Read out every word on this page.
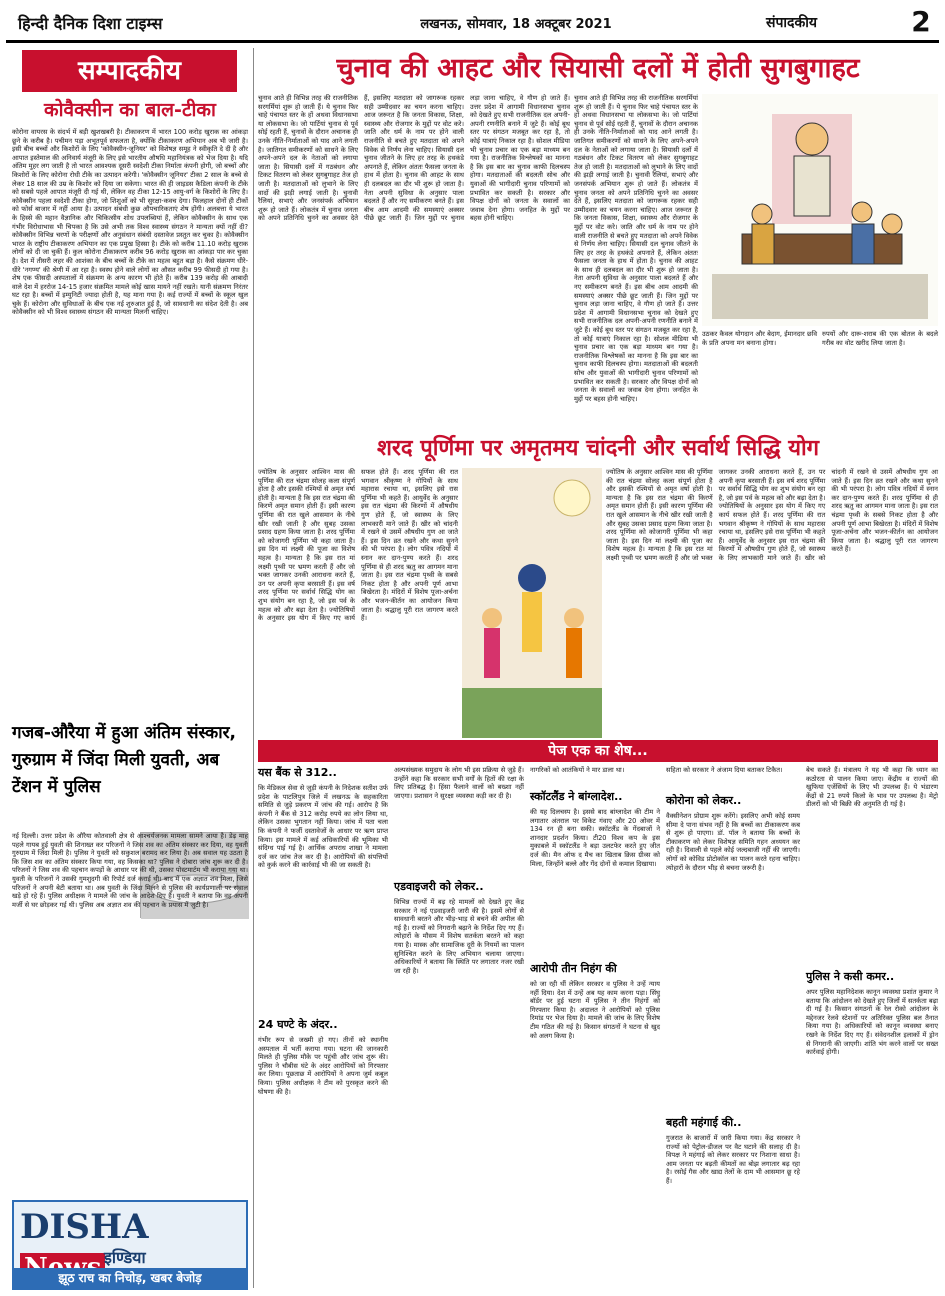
हिन्दी दैनिक दिशा टाइम्स	लखनऊ, सोमवार, 18 अक्टूबर 2021	संपादकीय	2
सम्पादकीय
कोवैक्सीन का बाल-टीका
कोरोना वायरस के संदर्भ में बड़ी खुशखबरी है। टीकाकरण में भारत 100 करोड़ खुराक का आंकड़ा छूने के करीब है। पचीमन पड़ा अभूतपूर्व सफलता है, क्योंकि टीकाकरण अभियान अब भी जारी है। इसी बीच बच्चों और किशोरों के लिए 'कोवैक्सीन-जूनियर' को विशेषज्ञ समूह ने स्वीकृति दे दी है और आपात इस्तेमाल की अनिवार्य मंजूरी के लिए इसे भारतीय औषधि महानियंत्रक को भेज दिया है। यदि अंतिम मुहर लग जाती है तो भारत आवश्यक दूसरी स्वदेशी टीका निर्माता कंपनी होगी, जो बच्चों और किशोरों के लिए कोरोना रोधी टीके का उत्पादन करेगी। 'कोवैक्सीन जूनियर' टीका 2 साल के बच्चे से लेकर 18 साल की उम्र के किशोर को दिया जा सकेगा। भारत की ही जाइडस कैडिला कंपनी के टीके को सबसे पहले आपात मंजूरी दी गई थी, लेकिन वह टीका 12-15 आयु-वर्ग के किशोरों के लिए है। कोवैक्सीन पहला स्वदेशी टीका होगा, जो शिशुओं को भी सुरक्षा-कवच देगा। फिलहाल दोनों ही टीकों को फोर्स बाजार में नहीं आया है। उत्पादन संबंधी कुछ औपचारिकताएं शेष होंगी। अलबत्ता ये भारत के हिस्से की महान वैज्ञानिक और चिकित्सीय शोध उपलब्धियां हैं, लेकिन कोवैक्सीन के साथ एक गंभीर विरोधाभास भी चिपका है कि उसे अभी तक विश्व स्वास्थ्य संगठन ने मान्यता क्यों नहीं दी? कोवैक्सीन विभिन्न चरणों के परीक्षणों और अनुसंधान संबंधी दस्तावेज प्रस्तुत कर चुका है। कोवैक्सीन भारत के राष्ट्रीय टीकाकरण अभियान का एक प्रमुख हिस्सा है। टीके को करीब 11.10 करोड़ खुराक लोगों को दी जा चुकी हैं। कुल कोरोना टीकाकरण करीब 96 करोड़ खुराक का आंकड़ा पार कर चुका है। देश में तीसरी लहर की आशंका के बीच बच्चों के टीके का महत्व बहुत बड़ा है। कैसे संक्रमण धीरे-धीरे 'नगण्य' की श्रेणी में आ रहा है। स्वस्थ होने वाले लोगों का औसत करीब 99 फीसदी हो गया है। शेष एक फीसदी अस्पतालों में संक्रमण के अन्य कारण भी होते हैं। करीब 139 करोड़ की आबादी वाले देश में हररोज 14-15 हजार संक्रमित मामले कोई खास मायने नहीं रखते। यानी संक्रमण निरंतर घट रहा है। बच्चों में इम्युनिटी ज्यादा होती है, यह माना गया है। कई राज्यों में बच्चों के स्कूल खुल चुके हैं। कोरोना और सुविधाओं के बीच एक नई शुरुआत हुई है, जो सावधानी का संदेश देती है। अब कोवैक्सीन को भी विश्व स्वास्थ्य संगठन की मान्यता मिलनी चाहिए।
चुनाव की आहट और सियासी दलों में होती सुगबुगाहट
चुनाव आते ही विभिन्न तरह की राजनीतिक सरगर्मियां शुरू हो जाती हैं। ये चुनाव फिर चाहे पंचायत स्तर के हों अथवा विधानसभा या लोकसभा के। जो पार्टियां चुनाव से पूर्व सोई रहती हैं, चुनावों के दौरान अचानक ही उनके नीति-निर्माताओं को याद आने लगती है। जातिगत समीकरणों को साधने के लिए अपने-अपने दल के नेताओं को लगाया जाता है। सियासी दलों में गठबंधन और टिकट वितरण को लेकर सुगबुगाहट तेज हो जाती है। मतदाताओं को लुभाने के लिए वादों की झड़ी लगाई जाती है। चुनावी रैलियां, सभाएं और जनसंपर्क अभियान शुरू हो जाते हैं। लोकतंत्र में चुनाव जनता को अपने प्रतिनिधि चुनने का अवसर देते हैं, इसलिए मतदाता को जागरूक रहकर सही उम्मीदवार का चयन करना चाहिए। आज जरूरत है कि जनता विकास, शिक्षा, स्वास्थ्य और रोजगार के मुद्दों पर वोट करे। जाति और धर्म के नाम पर होने वाली राजनीति से बचते हुए मतदाता को अपने विवेक से निर्णय लेना चाहिए। सियासी दल चुनाव जीतने के लिए हर तरह के हथकंडे अपनाते हैं, लेकिन अंततः फैसला जनता के हाथ में होता है। चुनाव की आहट के साथ ही दलबदल का दौर भी शुरू हो जाता है। नेता अपनी सुविधा के अनुसार पाला बदलते हैं और नए समीकरण बनते हैं। इस बीच आम आदमी की समस्याएं अक्सर पीछे छूट जाती हैं। जिन मुद्दों पर चुनाव लड़ा जाना चाहिए, वे गौण हो जाते हैं। उत्तर प्रदेश में आगामी विधानसभा चुनाव को देखते हुए सभी राजनीतिक दल अपनी-अपनी रणनीति बनाने में जुटे हैं। कोई बूथ स्तर पर संगठन मजबूत कर रहा है, तो कोई यात्राएं निकाल रहा है। सोशल मीडिया भी चुनाव प्रचार का एक बड़ा माध्यम बन गया है। राजनीतिक विश्लेषकों का मानना है कि इस बार का चुनाव काफी दिलचस्प होगा। मतदाताओं की बदलती सोच और युवाओं की भागीदारी चुनाव परिणामों को प्रभावित कर सकती है। सरकार और विपक्ष दोनों को जनता के सवालों का जवाब देना होगा। जनहित के मुद्दों पर बहस होनी चाहिए।
चुनाव आते ही विभिन्न तरह की राजनीतिक सरगर्मियां शुरू हो जाती हैं। ये चुनाव फिर चाहे पंचायत स्तर के हों अथवा विधानसभा या लोकसभा के। जो पार्टियां चुनाव से पूर्व सोई रहती हैं, चुनावों के दौरान अचानक ही उनके नीति-निर्माताओं को याद आने लगती है। जातिगत समीकरणों को साधने के लिए अपने-अपने दल के नेताओं को लगाया जाता है। सियासी दलों में गठबंधन और टिकट वितरण को लेकर सुगबुगाहट तेज हो जाती है। मतदाताओं को लुभाने के लिए वादों की झड़ी लगाई जाती है। चुनावी रैलियां, सभाएं और जनसंपर्क अभियान शुरू हो जाते हैं। लोकतंत्र में चुनाव जनता को अपने प्रतिनिधि चुनने का अवसर देते हैं, इसलिए मतदाता को जागरूक रहकर सही उम्मीदवार का चयन करना चाहिए। आज जरूरत है कि जनता विकास, शिक्षा, स्वास्थ्य और रोजगार के मुद्दों पर वोट करे। जाति और धर्म के नाम पर होने वाली राजनीति से बचते हुए मतदाता को अपने विवेक से निर्णय लेना चाहिए। सियासी दल चुनाव जीतने के लिए हर तरह के हथकंडे अपनाते हैं, लेकिन अंततः फैसला जनता के हाथ में होता है। चुनाव की आहट के साथ ही दलबदल का दौर भी शुरू हो जाता है। नेता अपनी सुविधा के अनुसार पाला बदलते हैं और नए समीकरण बनते हैं। इस बीच आम आदमी की समस्याएं अक्सर पीछे छूट जाती हैं। जिन मुद्दों पर चुनाव लड़ा जाना चाहिए, वे गौण हो जाते हैं। उत्तर प्रदेश में आगामी विधानसभा चुनाव को देखते हुए सभी राजनीतिक दल अपनी-अपनी रणनीति बनाने में जुटे हैं। कोई बूथ स्तर पर संगठन मजबूत कर रहा है, तो कोई यात्राएं निकाल रहा है। सोशल मीडिया भी चुनाव प्रचार का एक बड़ा माध्यम बन गया है। राजनीतिक विश्लेषकों का मानना है कि इस बार का चुनाव काफी दिलचस्प होगा। मतदाताओं की बदलती सोच और युवाओं की भागीदारी चुनाव परिणामों को प्रभावित कर सकती है। सरकार और विपक्ष दोनों को जनता के सवालों का जवाब देना होगा। जनहित के मुद्दों पर बहस होनी चाहिए।
उठकर कैवल योगदान और बेदाग, ईमानदार छवि के प्रति अपना मन बनाना होगा।
रुपयों और दारू-शराब की एक बोतल के बदले गरीब का वोट खरीद लिया जाता है।
शरद पूर्णिमा पर अमृतमय चांदनी और सर्वार्थ सिद्धि योग
ज्योतिष के अनुसार आश्विन मास की पूर्णिमा की रात चंद्रमा सोलह कला संपूर्ण होता है और इसकी रश्मियों से अमृत वर्षा होती है। मान्यता है कि इस रात चंद्रमा की किरणें अमृत समान होती हैं। इसी कारण पूर्णिमा की रात खुले आसमान के नीचे खीर रखी जाती है और सुबह उसका प्रसाद ग्रहण किया जाता है। शरद पूर्णिमा को कोजागरी पूर्णिमा भी कहा जाता है। इस दिन मां लक्ष्मी की पूजा का विशेष महत्व है। मान्यता है कि इस रात मां लक्ष्मी पृथ्वी पर भ्रमण करती हैं और जो भक्त जागकर उनकी आराधना करते हैं, उन पर अपनी कृपा बरसाती हैं। इस वर्ष शरद पूर्णिमा पर सर्वार्थ सिद्धि योग का शुभ संयोग बन रहा है, जो इस पर्व के महत्व को और बढ़ा देता है। ज्योतिषियों के अनुसार इस योग में किए गए कार्य सफल होते हैं। शरद पूर्णिमा की रात भगवान श्रीकृष्ण ने गोपियों के साथ महारास रचाया था, इसलिए इसे रास पूर्णिमा भी कहते हैं। आयुर्वेद के अनुसार इस रात चंद्रमा की किरणों में औषधीय गुण होते हैं, जो स्वास्थ्य के लिए लाभकारी माने जाते हैं। खीर को चांदनी में रखने से उसमें औषधीय गुण आ जाते हैं। इस दिन व्रत रखने और कथा सुनने की भी परंपरा है। लोग पवित्र नदियों में स्नान कर दान-पुण्य करते हैं। शरद पूर्णिमा से ही शरद ऋतु का आगमन माना जाता है। इस रात चंद्रमा पृथ्वी के सबसे निकट होता है और अपनी पूर्ण आभा बिखेरता है। मंदिरों में विशेष पूजा-अर्चना और भजन-कीर्तन का आयोजन किया जाता है। श्रद्धालु पूरी रात जागरण करते हैं।
ज्योतिष के अनुसार आश्विन मास की पूर्णिमा की रात चंद्रमा सोलह कला संपूर्ण होता है और इसकी रश्मियों से अमृत वर्षा होती है। मान्यता है कि इस रात चंद्रमा की किरणें अमृत समान होती हैं। इसी कारण पूर्णिमा की रात खुले आसमान के नीचे खीर रखी जाती है और सुबह उसका प्रसाद ग्रहण किया जाता है। शरद पूर्णिमा को कोजागरी पूर्णिमा भी कहा जाता है। इस दिन मां लक्ष्मी की पूजा का विशेष महत्व है। मान्यता है कि इस रात मां लक्ष्मी पृथ्वी पर भ्रमण करती हैं और जो भक्त जागकर उनकी आराधना करते हैं, उन पर अपनी कृपा बरसाती हैं। इस वर्ष शरद पूर्णिमा पर सर्वार्थ सिद्धि योग का शुभ संयोग बन रहा है, जो इस पर्व के महत्व को और बढ़ा देता है। ज्योतिषियों के अनुसार इस योग में किए गए कार्य सफल होते हैं। शरद पूर्णिमा की रात भगवान श्रीकृष्ण ने गोपियों के साथ महारास रचाया था, इसलिए इसे रास पूर्णिमा भी कहते हैं। आयुर्वेद के अनुसार इस रात चंद्रमा की किरणों में औषधीय गुण होते हैं, जो स्वास्थ्य के लिए लाभकारी माने जाते हैं। खीर को चांदनी में रखने से उसमें औषधीय गुण आ जाते हैं। इस दिन व्रत रखने और कथा सुनने की भी परंपरा है। लोग पवित्र नदियों में स्नान कर दान-पुण्य करते हैं। शरद पूर्णिमा से ही शरद ऋतु का आगमन माना जाता है। इस रात चंद्रमा पृथ्वी के सबसे निकट होता है और अपनी पूर्ण आभा बिखेरता है। मंदिरों में विशेष पूजा-अर्चना और भजन-कीर्तन का आयोजन किया जाता है। श्रद्धालु पूरी रात जागरण करते हैं।
गजब-औरैया में हुआ अंतिम संस्कार, गुरुग्राम में जिंदा मिली युवती, अब टेंशन में पुलिस
नई दिल्ली। उत्तर प्रदेश के औरैया कोतवाली क्षेत्र से आश्चर्यजनक मामला सामने आया है। डेढ़ माह पहले गायब हुई युवती की शिनाख्त कर परिजनों ने जिस शव का अंतिम संस्कार कर दिया, वह युवती गुरुग्राम में जिंदा मिली है। पुलिस ने युवती को सकुशल बरामद कर लिया है। अब सवाल यह उठता है कि जिस शव का अंतिम संस्कार किया गया, वह किसका था? पुलिस ने दोबारा जांच शुरू कर दी है। परिजनों ने जिस शव की पहचान कपड़ों के आधार पर की थी, उसका पोस्टमार्टम भी कराया गया था। युवती के परिजनों ने उसकी गुमशुदगी की रिपोर्ट दर्ज कराई थी। बाद में एक अज्ञात शव मिला, जिसे परिजनों ने अपनी बेटी बताया था। अब युवती के जिंदा मिलने से पुलिस की कार्यप्रणाली पर सवाल खड़े हो रहे हैं। पुलिस अधीक्षक ने मामले की जांच के आदेश दिए हैं। युवती ने बताया कि वह अपनी मर्जी से घर छोड़कर गई थी। पुलिस अब अज्ञात शव की पहचान के प्रयास में जुटी है।
DISHA
इण्डिया
झूठ राच का निचोड़, खबर बेजोड़
पेज एक का शेष...
यस बैंक से 312..
कि मेडिकल सेवा से जुड़ी कंपनी के निदेशक सतीश उर्फ प्रदेश के पाटलिपुत्र जिले में लखनऊ के सहकारिता समिति से जुड़े प्रकरण में जांच की गई। आरोप है कि कंपनी ने बैंक से 312 करोड़ रुपये का लोन लिया था, लेकिन उसका भुगतान नहीं किया। जांच में पता चला कि कंपनी ने फर्जी दस्तावेजों के आधार पर ऋण प्राप्त किया। इस मामले में कई अधिकारियों की भूमिका भी संदिग्ध पाई गई है। आर्थिक अपराध शाखा ने मामला दर्ज कर जांच तेज कर दी है। आरोपियों की संपत्तियों को कुर्क करने की कार्रवाई भी की जा सकती है।
24 घण्टे के अंदर..
गंभीर रूप से जख्मी हो गए। तीनों को स्थानीय अस्पताल में भर्ती कराया गया। घटना की जानकारी मिलते ही पुलिस मौके पर पहुंची और जांच शुरू की। पुलिस ने चौबीस घंटे के अंदर आरोपियों को गिरफ्तार कर लिया। पूछताछ में आरोपियों ने अपना जुर्म कबूल किया। पुलिस अधीक्षक ने टीम को पुरस्कृत करने की घोषणा की है।
अल्पसंख्यक समुदाय के लोग भी इस प्रक्रिया से जुड़े हैं। उन्होंने कहा कि सरकार सभी वर्गों के हितों की रक्षा के लिए प्रतिबद्ध है। हिंसा फैलाने वालों को बख्शा नहीं जाएगा। प्रशासन ने सुरक्षा व्यवस्था कड़ी कर दी है।
एडवाइजरी को लेकर..
विभिन्न राज्यों में बढ़ रहे मामलों को देखते हुए केंद्र सरकार ने नई एडवाइजरी जारी की है। इसमें लोगों से सावधानी बरतने और भीड़-भाड़ से बचने की अपील की गई है। राज्यों को निगरानी बढ़ाने के निर्देश दिए गए हैं। त्योहारों के मौसम में विशेष सतर्कता बरतने को कहा गया है। मास्क और सामाजिक दूरी के नियमों का पालन सुनिश्चित करने के लिए अभियान चलाया जाएगा। अधिकारियों ने बताया कि स्थिति पर लगातार नजर रखी जा रही है।
नागरिकों को आतंकियों ने मार डाला था।
स्कॉटलैंड ने बांग्लादेश..
की यह दिलचस्प है। इससे बाद बांग्लादेश की टीम ने लगातार अंतराल पर विकेट गंवाए और 20 ओवर में 134 रन ही बना सकी। स्कॉटलैंड के गेंदबाजों ने शानदार प्रदर्शन किया। टी20 विश्व कप के इस मुकाबले में स्कॉटलैंड ने बड़ा उलटफेर करते हुए जीत दर्ज की। मैन ऑफ द मैच का खिताब क्रिस ग्रीव्स को मिला, जिन्होंने बल्ले और गेंद दोनों से कमाल दिखाया।
आरोपी तीन निहंग की
को जा रही थीं लेकिन सरकार व पुलिस ने उन्हें न्याय नहीं दिया। देश में उन्हें अब यह काम करना पड़ा। सिंघु बॉर्डर पर हुई घटना में पुलिस ने तीन निहंगों को गिरफ्तार किया है। अदालत ने आरोपियों को पुलिस रिमांड पर भेज दिया है। मामले की जांच के लिए विशेष टीम गठित की गई है। किसान संगठनों ने घटना से खुद को अलग किया है।
सहिता को सरकार ने अंजाम दिया बताकर टिकैत।
कोरोना को लेकर..
वैक्सीनेशन प्रोग्राम शुरू करेंगे। इसलिए अभी कोई समय सीमा दे पाना संभव नहीं है कि बच्चों का टीकाकरण कब से शुरू हो पाएगा। डॉ. पॉल ने बताया कि बच्चों के टीकाकरण को लेकर विशेषज्ञ समिति गहन अध्ययन कर रही है। दिवाली से पहले कोई जल्दबाजी नहीं की जाएगी। लोगों को कोविड प्रोटोकॉल का पालन करते रहना चाहिए। त्योहारों के दौरान भीड़ से बचना जरूरी है।
बहती महंगाई की..
गुजरात के बाजारों में जारी किया गया। केंद्र सरकार ने राज्यों को पेट्रोल-डीजल पर वैट घटाने की सलाह दी है। विपक्ष ने महंगाई को लेकर सरकार पर निशाना साधा है। आम जनता पर बढ़ती कीमतों का बोझ लगातार बढ़ रहा है। रसोई गैस और खाद्य तेलों के दाम भी आसमान छू रहे हैं।
बेच सकते हैं। मंत्रालय ने यह भी कहा कि ध्यान का कठोरता से पालन किया जाए। केंद्रीय व राज्यों की खुफिया एजेंसियों के लिए भी उपलब्ध हैं। ये भंडारण केंद्रों से 21 रुपये किलो के भाव पर उपलब्ध है। मेट्रो डीलरों को भी बिक्री की अनुमति दी गई है।
पुलिस ने कसी कमर..
अपर पुलिस महानिदेशक कानून व्यवस्था प्रशांत कुमार ने बताया कि आंदोलन को देखते हुए जिलों में सतर्कता बढ़ा दी गई है। किसान संगठनों के रेल रोको आंदोलन के मद्देनजर रेलवे स्टेशनों पर अतिरिक्त पुलिस बल तैनात किया गया है। अधिकारियों को कानून व्यवस्था बनाए रखने के निर्देश दिए गए हैं। संवेदनशील इलाकों में ड्रोन से निगरानी की जाएगी। शांति भंग करने वालों पर सख्त कार्रवाई होगी।
